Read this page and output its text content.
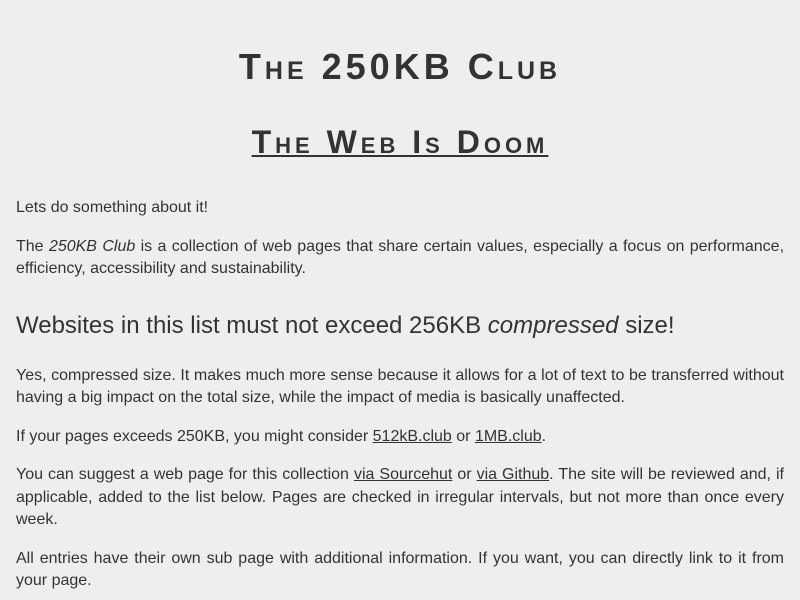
The 250KB Club
The Web Is Doom

Lets do something about it!

The 250KB Club is a collection of web pages that share certain values, especially a focus on performance, efficiency, accessibility and sustainability.

Websites in this list must not exceed 256KB compressed size!

Yes, compressed size. It makes much more sense because it allows for a lot of text to be transferred without having a big impact on the total size, while the impact of media is basically unaffected.

If your pages exceeds 250KB, you might consider 512kB.club or 1MB.club.

You can suggest a web page for this collection via Sourcehut or via Github. The site will be reviewed and, if applicable, added to the list below. Pages are checked in irregular intervals, but not more than once every week.

All entries have their own sub page with additional information. If you want, you can directly link to it from your page.
